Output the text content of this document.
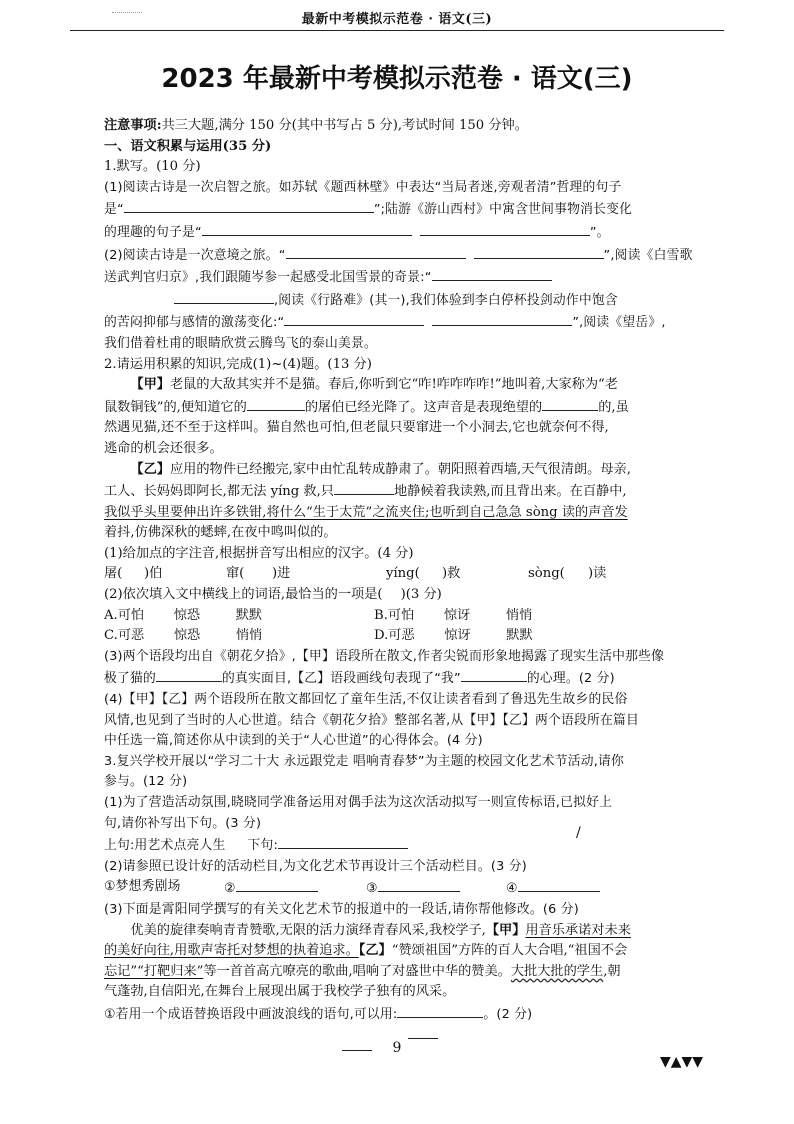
最新中考模拟示范卷 · 语文(三)
2023 年最新中考模拟示范卷 · 语文(三)

注意事项:共三大题,满分 150 分(其中书写占 5 分),考试时间 150 分钟。

一、语文积累与运用(35 分)

1.默写。(10 分)

(1)阅读古诗是一次启智之旅。如苏轼《题西林壁》中表达“当局者迷,旁观者清”哲理的句子

是“	”;陆游《游山西村》中寓含世间事物消长变化

的理趣的句子是“	”。

(2)阅读古诗是一次意境之旅。“	”,阅读《白雪歌

送武判官归京》,我们跟随岑参一起感受北国雪景的奇景:“

,阅读《行路难》(其一),我们体验到李白停杯投剑动作中饱含

的苦闷抑郁与感情的激荡变化:“	”,阅读《望岳》,

我们借着杜甫的眼睛欣赏云腾鸟飞的泰山美景。

2.请运用积累的知识,完成(1)~(4)题。(13 分)

【甲】老鼠的大敌其实并不是猫。春后,你听到它“咋!咋咋咋咋!”地叫着,大家称为“老

鼠数铜钱”的,便知道它的	的屠伯已经光降了。这声音是表现绝望的	的,虽

然遇见猫,还不至于这样叫。猫自然也可怕,但老鼠只要窜进一个小洞去,它也就奈何不得,

逃命的机会还很多。

【乙】应用的物件已经搬完,家中由忙乱转成静肃了。朝阳照着西墙,天气很清朗。母亲,

工人、长妈妈即阿长,都无法 yíng 救,只	地静候着我读熟,而且背出来。在百静中,

我似乎头里要伸出许多铁钳,将什么“生于太荒”之流夹住;也听到自己急急 sòng 读的声音发

着抖,仿佛深秋的蟋蟀,在夜中鸣叫似的。

(1)给加点的字注音,根据拼音写出相应的汉字。(4 分)

屠(	)伯	窜(	)进	yíng(	)救	sòng(	)读

(2)依次填入文中横线上的词语,最恰当的一项是( )(3 分)

A.可怕 惊恐	默默	B.可怕 惊讶	悄悄

C.可恶 惊恐	悄悄	D.可恶 惊讶	默默

(3)两个语段均出自《朝花夕拾》,【甲】语段所在散文,作者尖锐而形象地揭露了现实生活中那些像

极了猫的	的真实面目,【乙】语段画线句表现了“我”	的心理。(2 分)

(4)【甲】【乙】两个语段所在散文都回忆了童年生活,不仅让读者看到了鲁迅先生故乡的民俗

风情,也见到了当时的人心世道。结合《朝花夕拾》整部名著,从【甲】【乙】两个语段所在篇目

中任选一篇,简述你从中读到的关于“人心世道”的心得体会。(4 分)

3.复兴学校开展以“学习二十大 永远跟党走 唱响青春梦”为主题的校园文化艺术节活动,请你

参与。(12 分)

(1)为了营造活动氛围,晓晓同学准备运用对偶手法为这次活动拟写一则宣传标语,已拟好上

句,请你补写出下句。(3 分)

上句:用艺术点亮人生 下句:

(2)请参照已设计好的活动栏目,为文化艺术节再设计三个活动栏目。(3 分)

①梦想秀剧场	②	③	④

(3)下面是霄阳同学撰写的有关文化艺术节的报道中的一段话,请你帮他修改。(6 分)

优美的旋律奏响青青赞歌,无限的活力演绎青春风采,我校学子,【甲】用音乐承诺对未来

的美好向往,用歌声寄托对梦想的执着追求。【乙】“赞颂祖国”方阵的百人大合唱,“祖国不会

忘记”“打靶归来”等一首首高亢嘹亮的歌曲,唱响了对盛世中华的赞美。大批大批的学生,朝

气蓬勃,自信阳光,在舞台上展现出属于我校学子独有的风采。

①若用一个成语替换语段中画波浪线的语句,可以用:	。(2 分)

/
9
▼▲▼▼
